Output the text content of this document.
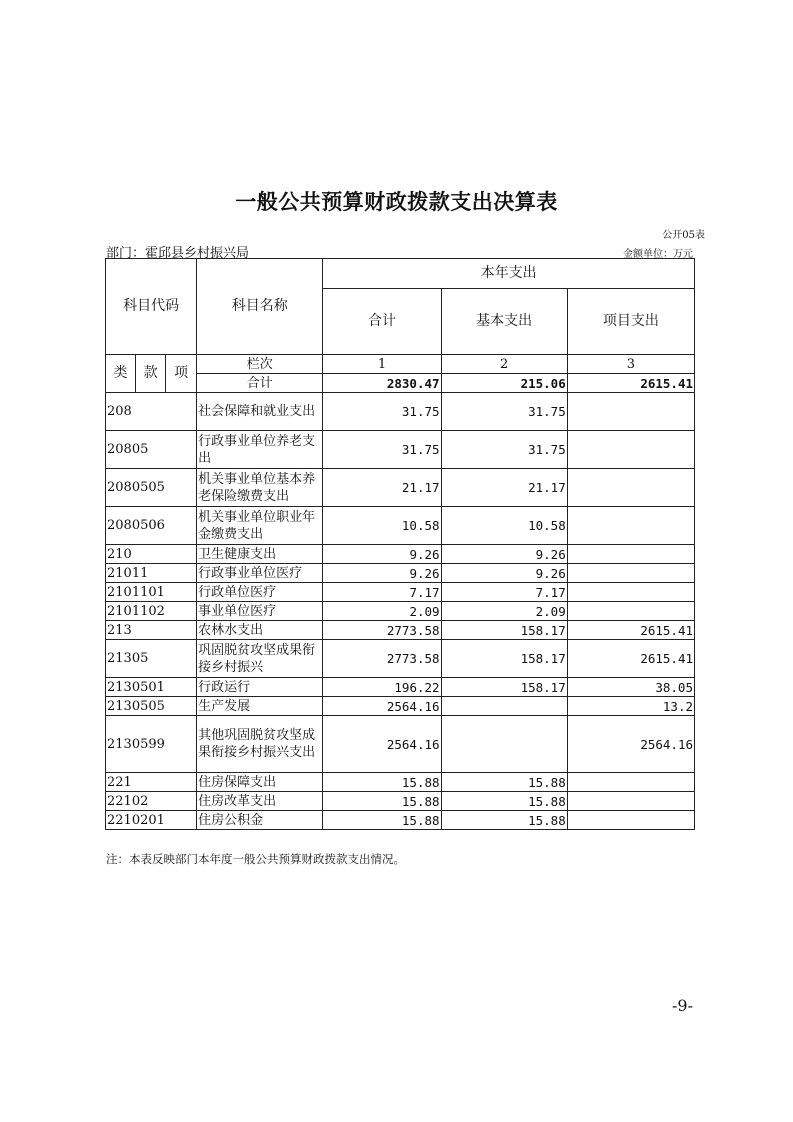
一般公共预算财政拨款支出决算表
公开05表
部门：霍邱县乡村振兴局	金额单位：万元
科目代码			科目名称	本年支出		
				合计	基本支出	项目支出
类	款	项	栏次	1	2	3
			合计	2830.47	215.06	2615.41
208			社会保障和就业支出	31.75	31.75	
20805			行政事业单位养老支出	31.75	31.75	
2080505			机关事业单位基本养老保险缴费支出	21.17	21.17	
2080506			机关事业单位职业年金缴费支出	10.58	10.58	
210			卫生健康支出	9.26	9.26	
21011			行政事业单位医疗	9.26	9.26	
2101101			行政单位医疗	7.17	7.17	
2101102			事业单位医疗	2.09	2.09	
213			农林水支出	2773.58	158.17	2615.41
21305			巩固脱贫攻坚成果衔接乡村振兴	2773.58	158.17	2615.41
2130501			行政运行	196.22	158.17	38.05
2130505			生产发展	2564.16		13.2
2130599			其他巩固脱贫攻坚成果衔接乡村振兴支出	2564.16		2564.16
221			住房保障支出	15.88	15.88	
22102			住房改革支出	15.88	15.88	
2210201			住房公积金	15.88	15.88	
注：本表反映部门本年度一般公共预算财政拨款支出情况。
-9-
